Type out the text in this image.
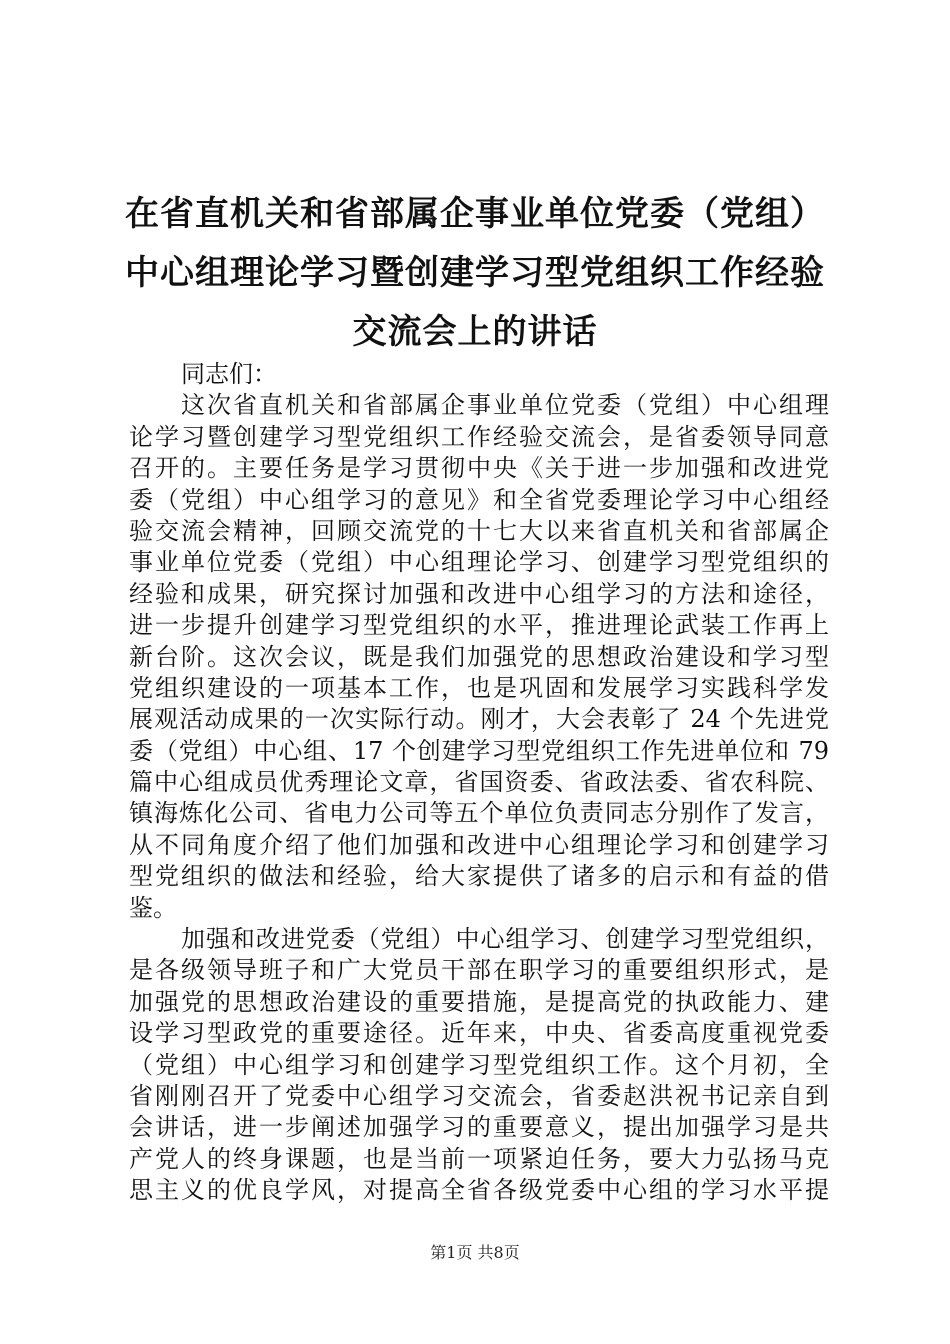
在省直机关和省部属企事业单位党委（党组）
中心组理论学习暨创建学习型党组织工作经验
交流会上的讲话
同志们：
这次省直机关和省部属企事业单位党委（党组）中心组理
论学习暨创建学习型党组织工作经验交流会，是省委领导同意
召开的。主要任务是学习贯彻中央《关于进一步加强和改进党
委（党组）中心组学习的意见》和全省党委理论学习中心组经
验交流会精神，回顾交流党的十七大以来省直机关和省部属企
事业单位党委（党组）中心组理论学习、创建学习型党组织的
经验和成果，研究探讨加强和改进中心组学习的方法和途径，
进一步提升创建学习型党组织的水平，推进理论武装工作再上
新台阶。这次会议，既是我们加强党的思想政治建设和学习型
党组织建设的一项基本工作，也是巩固和发展学习实践科学发
展观活动成果的一次实际行动。刚才，大会表彰了 24 个先进党
委（党组）中心组、17 个创建学习型党组织工作先进单位和 79
篇中心组成员优秀理论文章，省国资委、省政法委、省农科院、
镇海炼化公司、省电力公司等五个单位负责同志分别作了发言，
从不同角度介绍了他们加强和改进中心组理论学习和创建学习
型党组织的做法和经验，给大家提供了诸多的启示和有益的借
鉴。
加强和改进党委（党组）中心组学习、创建学习型党组织，
是各级领导班子和广大党员干部在职学习的重要组织形式，是
加强党的思想政治建设的重要措施，是提高党的执政能力、建
设学习型政党的重要途径。近年来，中央、省委高度重视党委
（党组）中心组学习和创建学习型党组织工作。这个月初，全
省刚刚召开了党委中心组学习交流会，省委赵洪祝书记亲自到
会讲话，进一步阐述加强学习的重要意义，提出加强学习是共
产党人的终身课题，也是当前一项紧迫任务，要大力弘扬马克
思主义的优良学风，对提高全省各级党委中心组的学习水平提
第1页 共8页
